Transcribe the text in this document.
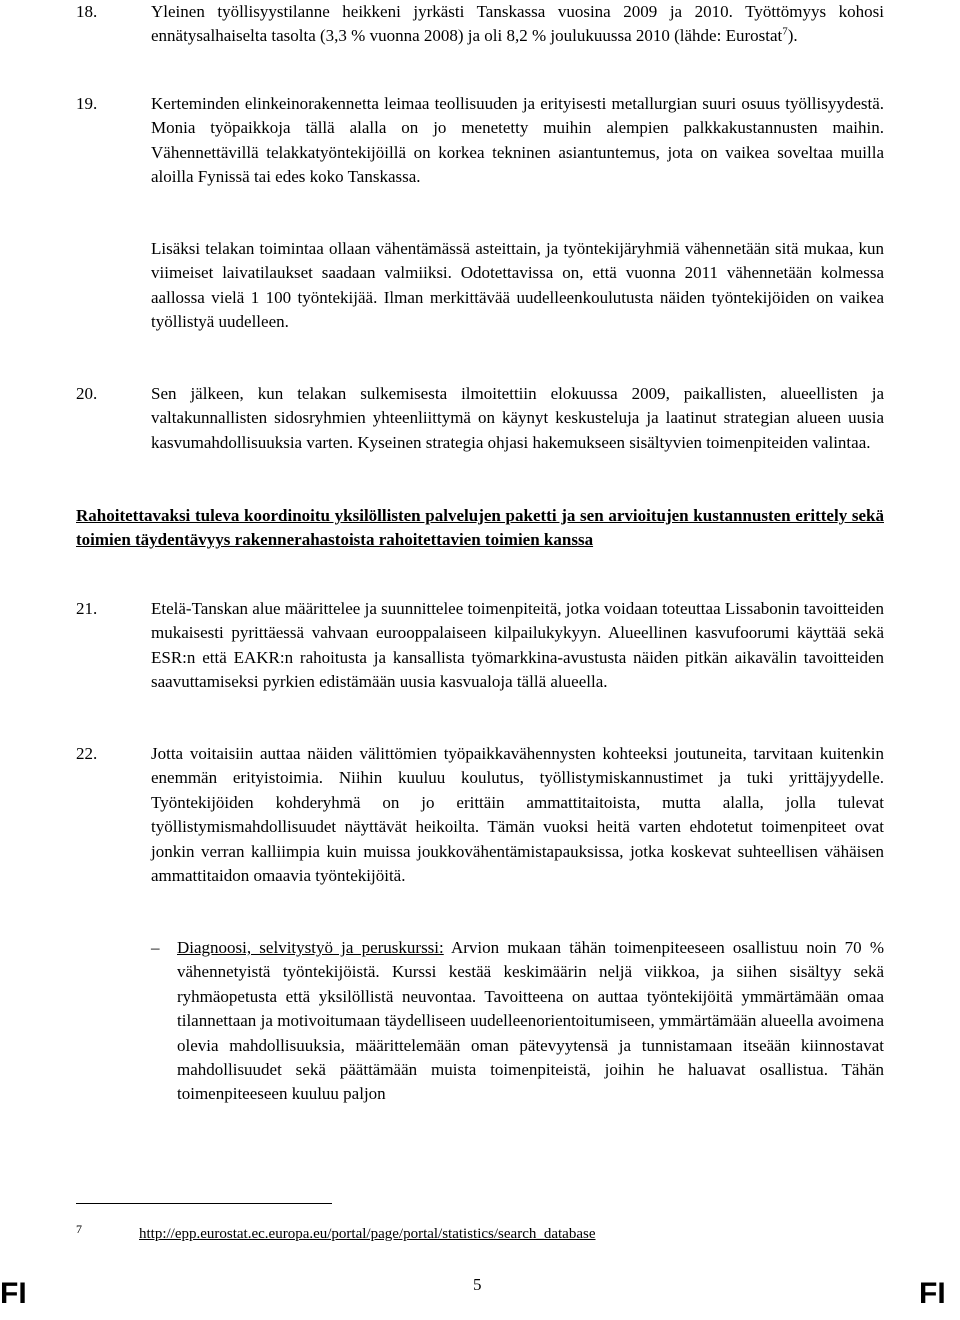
18.	Yleinen työllisyystilanne heikkeni jyrkästi Tanskassa vuosina 2009 ja 2010. Työttömyys kohosi ennätysalhaiselta tasolta (3,3 % vuonna 2008) ja oli 8,2 % joulukuussa 2010 (lähde: Eurostat$^7$).
19.	Kerteminden elinkeinorakennetta leimaa teollisuuden ja erityisesti metallurgian suuri osuus työllisyydestä. Monia työpaikkoja tällä alalla on jo menetetty muihin alempien palkkakustannusten maihin. Vähennettävillä telakkatyöntekijöillä on korkea tekninen asiantuntemus, jota on vaikea soveltaa muilla aloilla Fynissä tai edes koko Tanskassa.
Lisäksi telakan toimintaa ollaan vähentämässä asteittain, ja työntekijäryhmiä vähennetään sitä mukaa, kun viimeiset laivatilaukset saadaan valmiiksi. Odotettavissa on, että vuonna 2011 vähennetään kolmessa aallossa vielä 1 100 työntekijää. Ilman merkittävää uudelleenkoulutusta näiden työntekijöiden on vaikea työllistyä uudelleen.
20.	Sen jälkeen, kun telakan sulkemisesta ilmoitettiin elokuussa 2009, paikallisten, alueellisten ja valtakunnallisten sidosryhmien yhteenliittymä on käynyt keskusteluja ja laatinut strategian alueen uusia kasvumahdollisuuksia varten. Kyseinen strategia ohjasi hakemukseen sisältyvien toimenpiteiden valintaa.
Rahoitettavaksi tuleva koordinoitu yksilöllisten palvelujen paketti ja sen arvioitujen kustannusten erittely sekä toimien täydentävyys rakennerahastoista rahoitettavien toimien kanssa
21.	Etelä-Tanskan alue määrittelee ja suunnittelee toimenpiteitä, jotka voidaan toteuttaa Lissabonin tavoitteiden mukaisesti pyrittäessä vahvaan eurooppalaiseen kilpailukykyyn. Alueellinen kasvufoorumi käyttää sekä ESR:n että EAKR:n rahoitusta ja kansallista työmarkkina-avustusta näiden pitkän aikavälin tavoitteiden saavuttamiseksi pyrkien edistämään uusia kasvualoja tällä alueella.
22.	Jotta voitaisiin auttaa näiden välittömien työpaikkavähennysten kohteeksi joutuneita, tarvitaan kuitenkin enemmän erityistoimia. Niihin kuuluu koulutus, työllistymiskannustimet ja tuki yrittäjyydelle. Työntekijöiden kohderyhmä on jo erittäin ammattitaitoista, mutta alalla, jolla tulevat työllistymismahdollisuudet näyttävät heikoilta. Tämän vuoksi heitä varten ehdotetut toimenpiteet ovat jonkin verran kalliimpia kuin muissa joukkovähentämistapauksissa, jotka koskevat suhteellisen vähäisen ammattitaidon omaavia työntekijöitä.
– Diagnoosi, selvitystyö ja peruskurssi: Arvion mukaan tähän toimenpiteeseen osallistuu noin 70 % vähennetyistä työntekijöistä. Kurssi kestää keskimäärin neljä viikkoa, ja siihen sisältyy sekä ryhmäopetusta että yksilöllistä neuvontaa. Tavoitteena on auttaa työntekijöitä ymmärtämään omaa tilannettaan ja motivoitumaan täydelliseen uudelleenorientoitumiseen, ymmärtämään alueella avoimena olevia mahdollisuuksia, määrittelemään oman pätevyytensä ja tunnistamaan itseään kiinnostavat mahdollisuudet sekä päättämään muista toimenpiteistä, joihin he haluavat osallistua. Tähän toimenpiteeseen kuuluu paljon
7	http://epp.eurostat.ec.europa.eu/portal/page/portal/statistics/search_database
FI	5	FI
